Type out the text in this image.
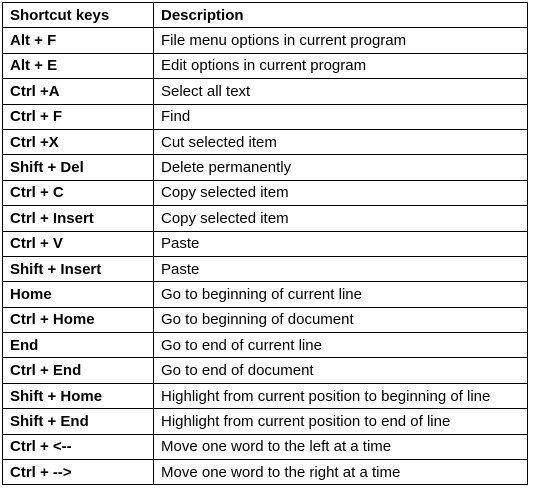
Shortcut keys	Description
Alt + F	File menu options in current program
Alt + E	Edit options in current program
Ctrl +A	Select all text
Ctrl + F	Find
Ctrl +X	Cut selected item
Shift + Del	Delete permanently
Ctrl + C	Copy selected item
Ctrl + Insert	Copy selected item
Ctrl + V	Paste
Shift + Insert	Paste
Home	Go to beginning of current line
Ctrl + Home	Go to beginning of document
End	Go to end of current line
Ctrl + End	Go to end of document
Shift + Home	Highlight from current position to beginning of line
Shift + End	Highlight from current position to end of line
Ctrl + <--	Move one word to the left at a time
Ctrl + -->	Move one word to the right at a time
